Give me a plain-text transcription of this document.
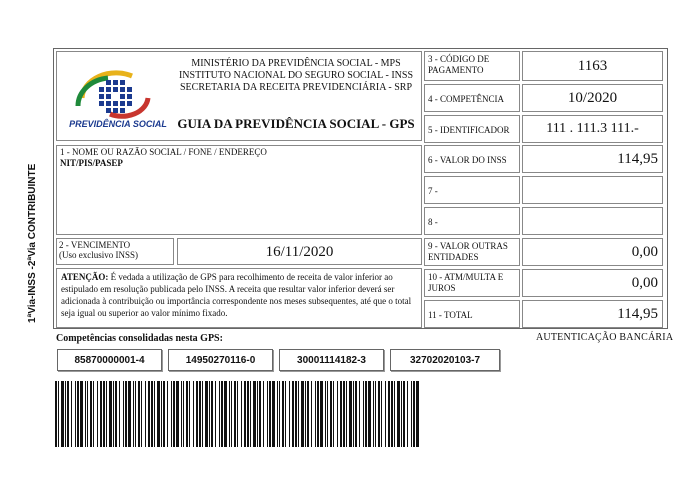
1ªVia-INSS -2ªVia CONTRIBUINTE
PREVIDÊNCIA SOCIAL
MINISTÉRIO DA PREVIDÊNCIA SOCIAL - MPS
INSTITUTO NACIONAL DO SEGURO SOCIAL - INSS
SECRETARIA DA RECEITA PREVIDENCIÁRIA - SRP
GUIA DA PREVIDÊNCIA SOCIAL - GPS
1 - NOME OU RAZÃO SOCIAL / FONE / ENDEREÇO
NIT/PIS/PASEP
2 - VENCIMENTO
(Uso exclusivo INSS)	16/11/2020
ATENÇÃO: É vedada a utilização de GPS para recolhimento de receita de valor inferior ao estipulado em resolução publicada pelo INSS. A receita que resultar valor inferior deverá ser adicionada à contribuição ou importância correspondente nos meses subsequentes, até que o total seja igual ou superior ao valor mínimo fixado.
3 - CÓDIGO DE PAGAMENTO	1163
4 - COMPETÊNCIA	10/2020
5 - IDENTIFICADOR	111 . 111.3 111.-
6 - VALOR DO INSS	114,95
7 -
8 -
9 - VALOR OUTRAS ENTIDADES	0,00
10 - ATM/MULTA E JUROS	0,00
11 - TOTAL	114,95
Competências consolidadas nesta GPS:	AUTENTICAÇÃO BANCÁRIA
85870000001-4	14950270116-0	30001114182-3	32702020103-7
